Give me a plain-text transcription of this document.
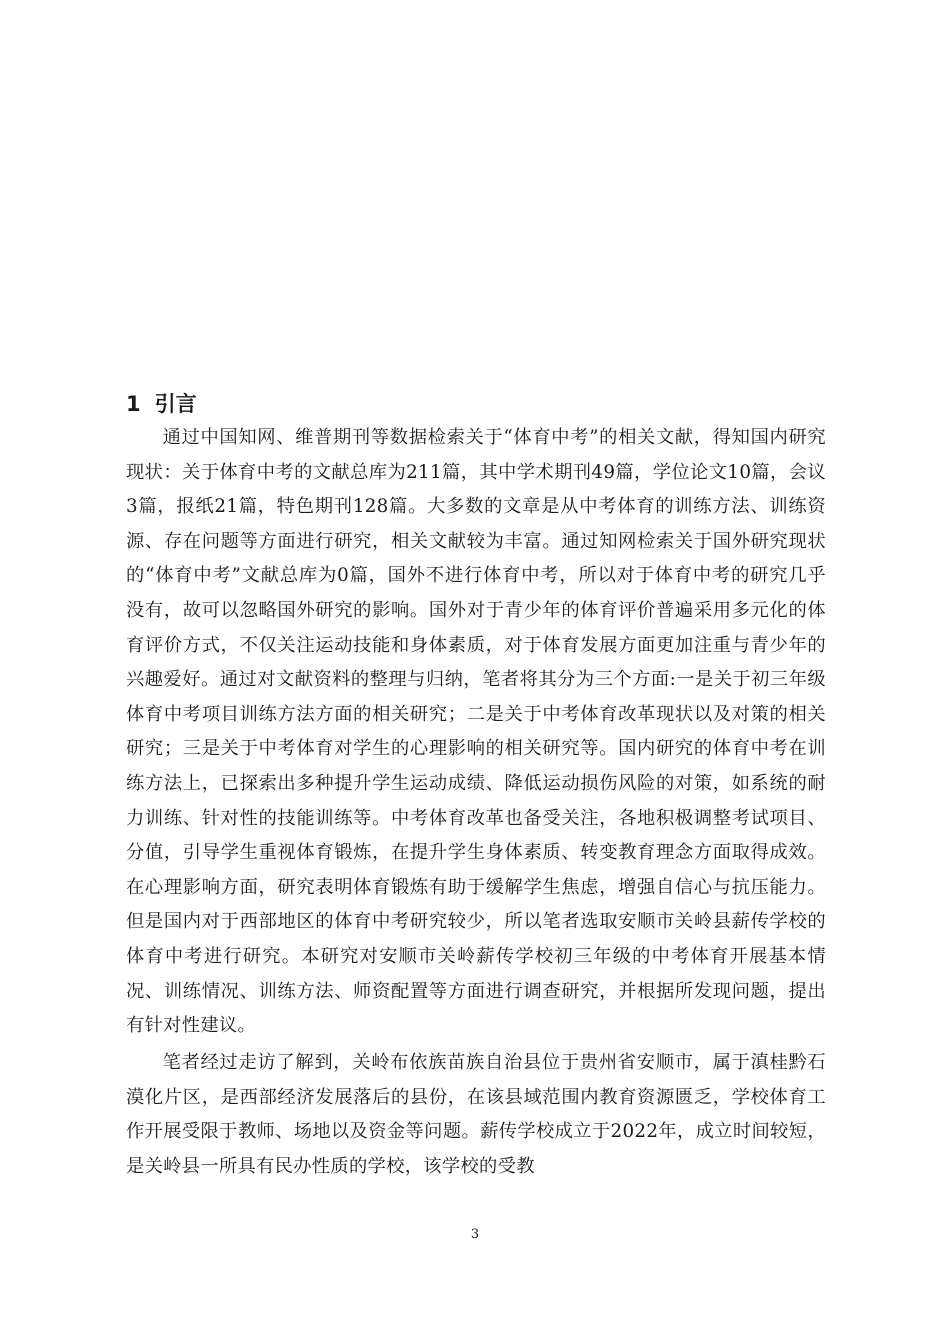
1 引言

通过中国知网、维普期刊等数据检索关于“体育中考”的相关文献，得知国内研究现状：关于体育中考的文献总库为211篇，其中学术期刊49篇，学位论文10篇，会议3篇，报纸21篇，特色期刊128篇。大多数的文章是从中考体育的训练方法、训练资源、存在问题等方面进行研究，相关文献较为丰富。通过知网检索关于国外研究现状的“体育中考”文献总库为0篇，国外不进行体育中考，所以对于体育中考的研究几乎没有，故可以忽略国外研究的影响。国外对于青少年的体育评价普遍采用多元化的体育评价方式，不仅关注运动技能和身体素质，对于体育发展方面更加注重与青少年的兴趣爱好。通过对文献资料的整理与归纳，笔者将其分为三个方面:一是关于初三年级体育中考项目训练方法方面的相关研究；二是关于中考体育改革现状以及对策的相关研究；三是关于中考体育对学生的心理影响的相关研究等。国内研究的体育中考在训练方法上，已探索出多种提升学生运动成绩、降低运动损伤风险的对策，如系统的耐力训练、针对性的技能训练等。中考体育改革也备受关注，各地积极调整考试项目、分值，引导学生重视体育锻炼，在提升学生身体素质、转变教育理念方面取得成效。在心理影响方面，研究表明体育锻炼有助于缓解学生焦虑，增强自信心与抗压能力。但是国内对于西部地区的体育中考研究较少，所以笔者选取安顺市关岭县薪传学校的体育中考进行研究。本研究对安顺市关岭薪传学校初三年级的中考体育开展基本情况、训练情况、训练方法、师资配置等方面进行调查研究，并根据所发现问题，提出有针对性建议。

笔者经过走访了解到，关岭布依族苗族自治县位于贵州省安顺市，属于滇桂黔石漠化片区，是西部经济发展落后的县份，在该县域范围内教育资源匮乏，学校体育工作开展受限于教师、场地以及资金等问题。薪传学校成立于2022年，成立时间较短，是关岭县一所具有民办性质的学校，该学校的受教

3
